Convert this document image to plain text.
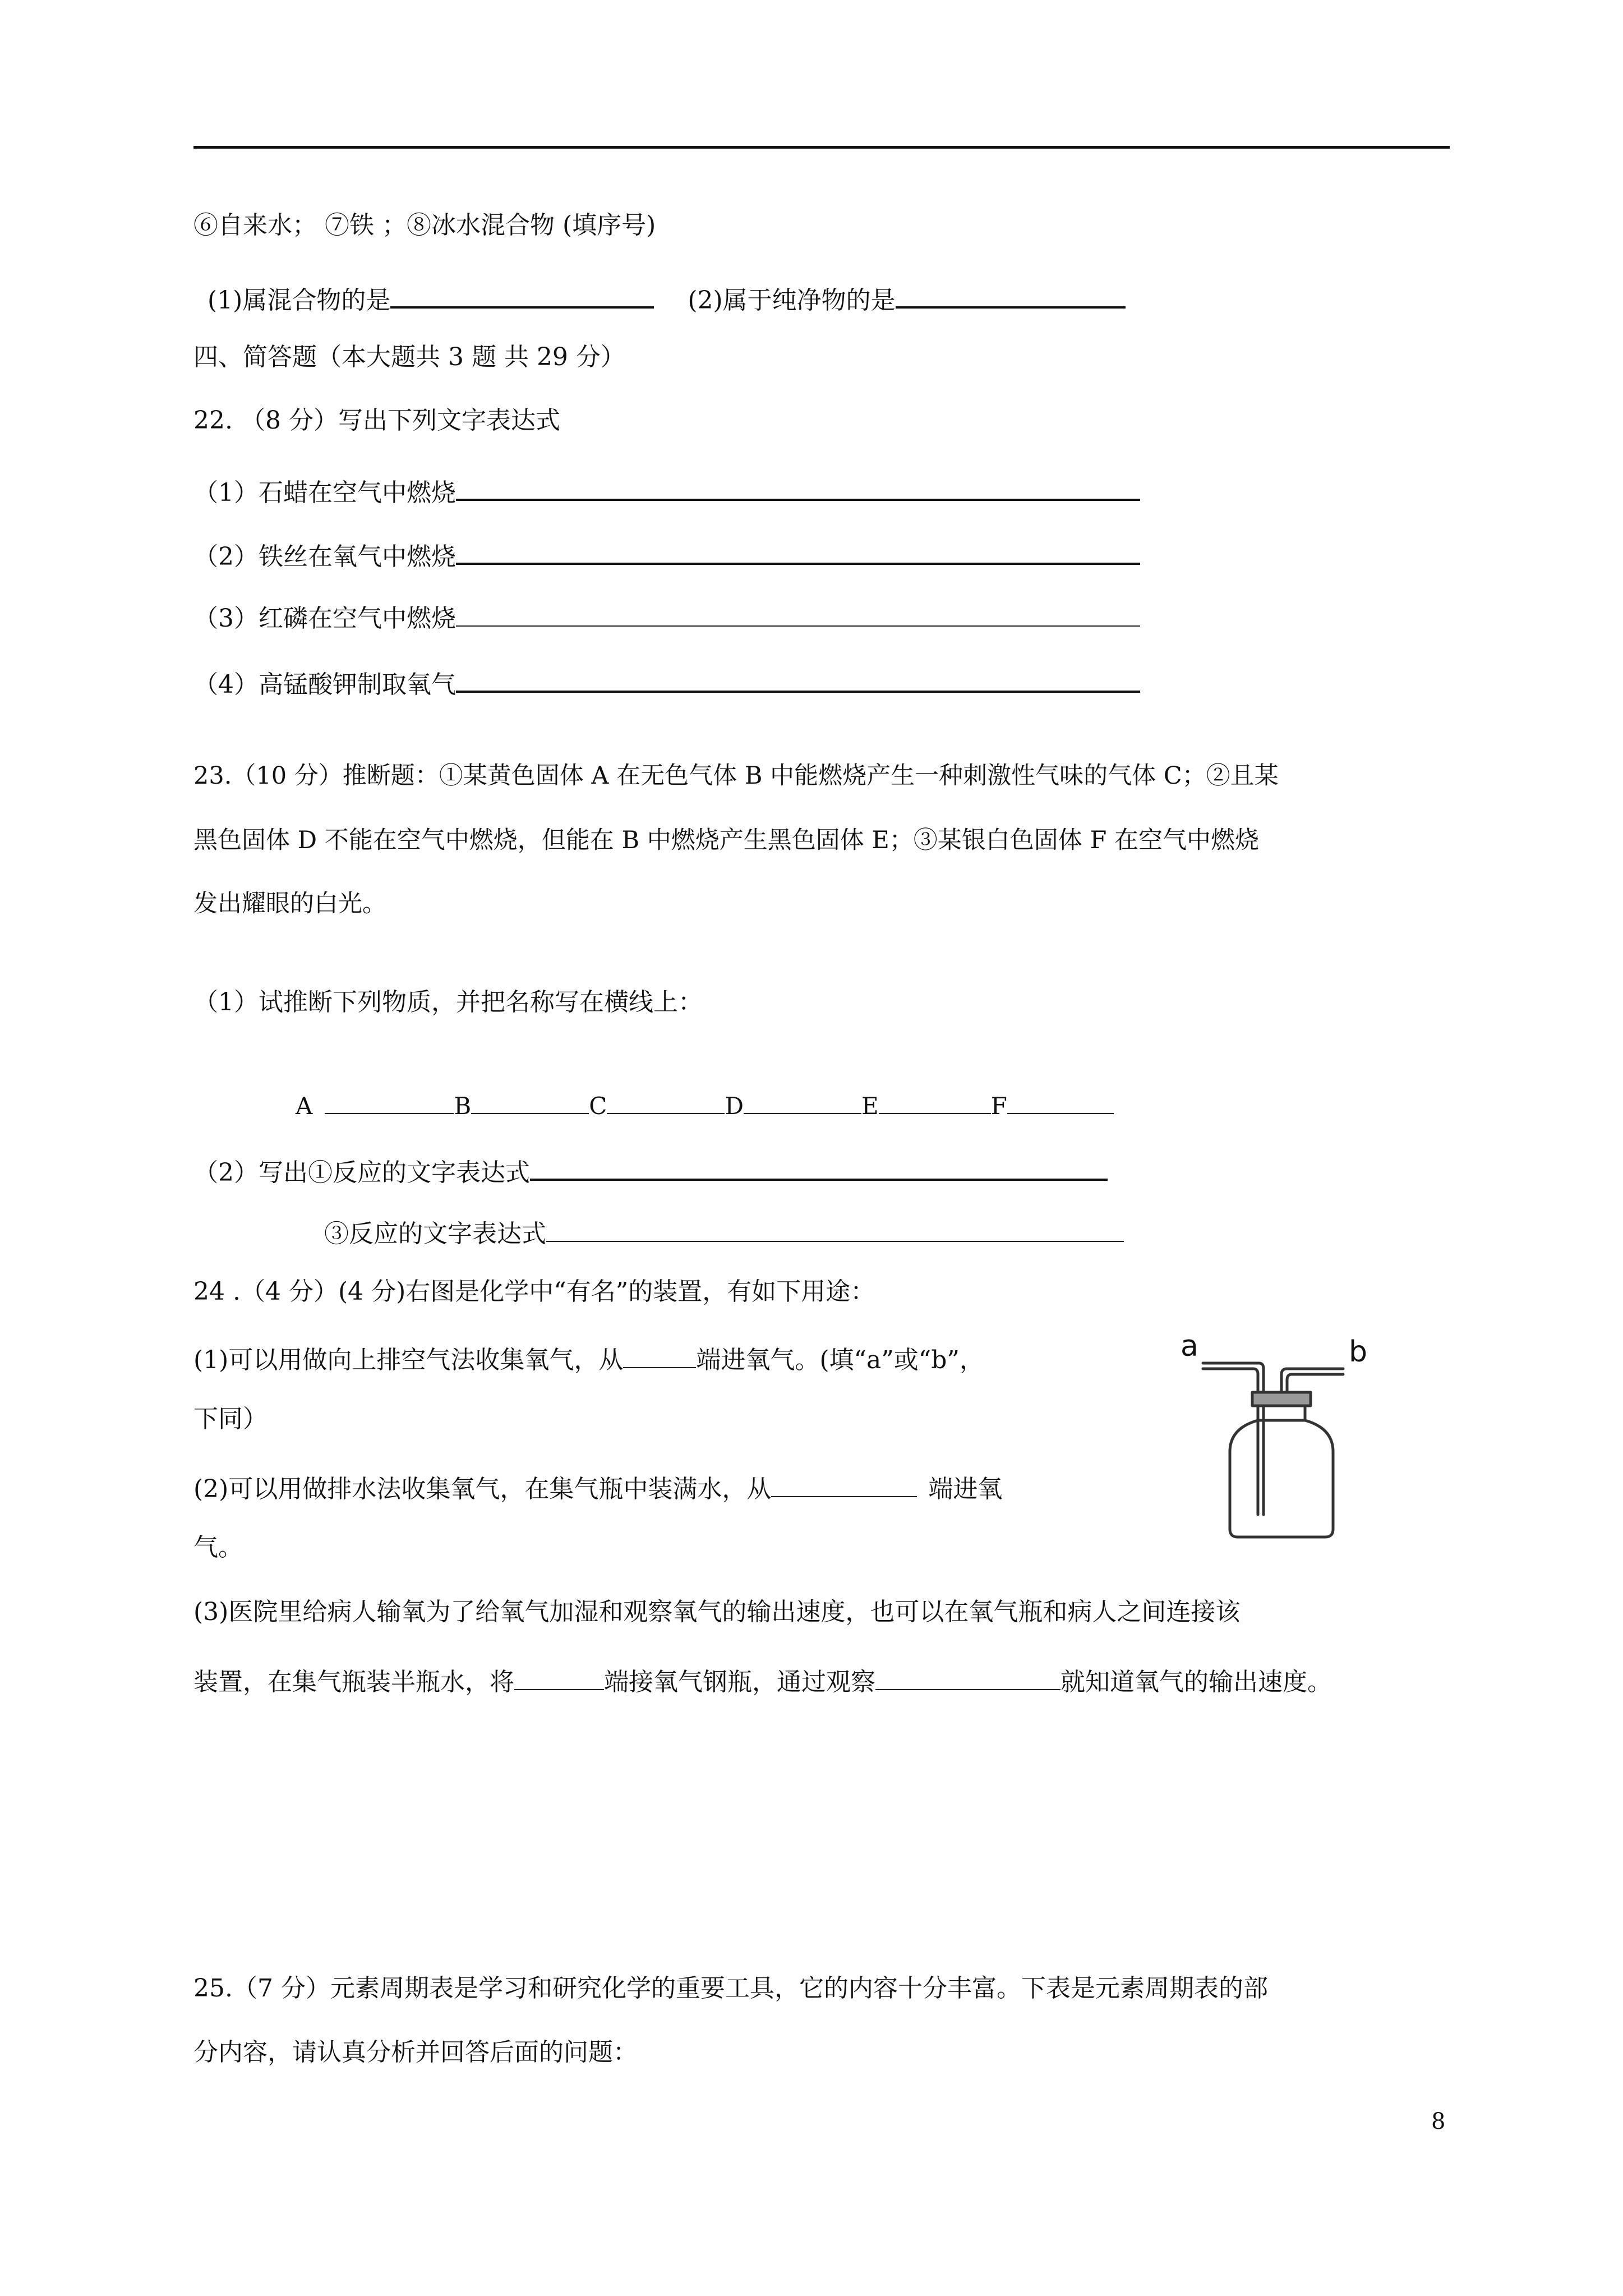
⑥自来水； ⑦铁 ；⑧冰水混合物 (填序号)
(1)属混合物的是	(2)属于纯净物的是
四、简答题（本大题共 3 题 共 29 分）
22. （8 分）写出下列文字表达式
（1）石蜡在空气中燃烧
（2）铁丝在氧气中燃烧
（3）红磷在空气中燃烧
（4）高锰酸钾制取氧气
23.（10 分）推断题：①某黄色固体 A 在无色气体 B 中能燃烧产生一种刺激性气味的气体 C；②且某
黑色固体 D 不能在空气中燃烧，但能在 B 中燃烧产生黑色固体 E；③某银白色固体 F 在空气中燃烧
发出耀眼的白光。
（1）试推断下列物质，并把名称写在横线上：
A	B	C	D	E	F
（2）写出①反应的文字表达式
③反应的文字表达式
24 .（4 分）(4 分)右图是化学中“有名”的装置，有如下用途：
(1)可以用做向上排空气法收集氧气，从	端进氧气。(填“a”或“b”，
下同）
(2)可以用做排水法收集氧气，在集气瓶中装满水，从	端进氧
气。
(3)医院里给病人输氧为了给氧气加湿和观察氧气的输出速度，也可以在氧气瓶和病人之间连接该
装置，在集气瓶装半瓶水，将	端接氧气钢瓶，通过观察	就知道氧气的输出速度。
a	b
25.（7 分）元素周期表是学习和研究化学的重要工具，它的内容十分丰富。下表是元素周期表的部
分内容，请认真分析并回答后面的问题：
8
